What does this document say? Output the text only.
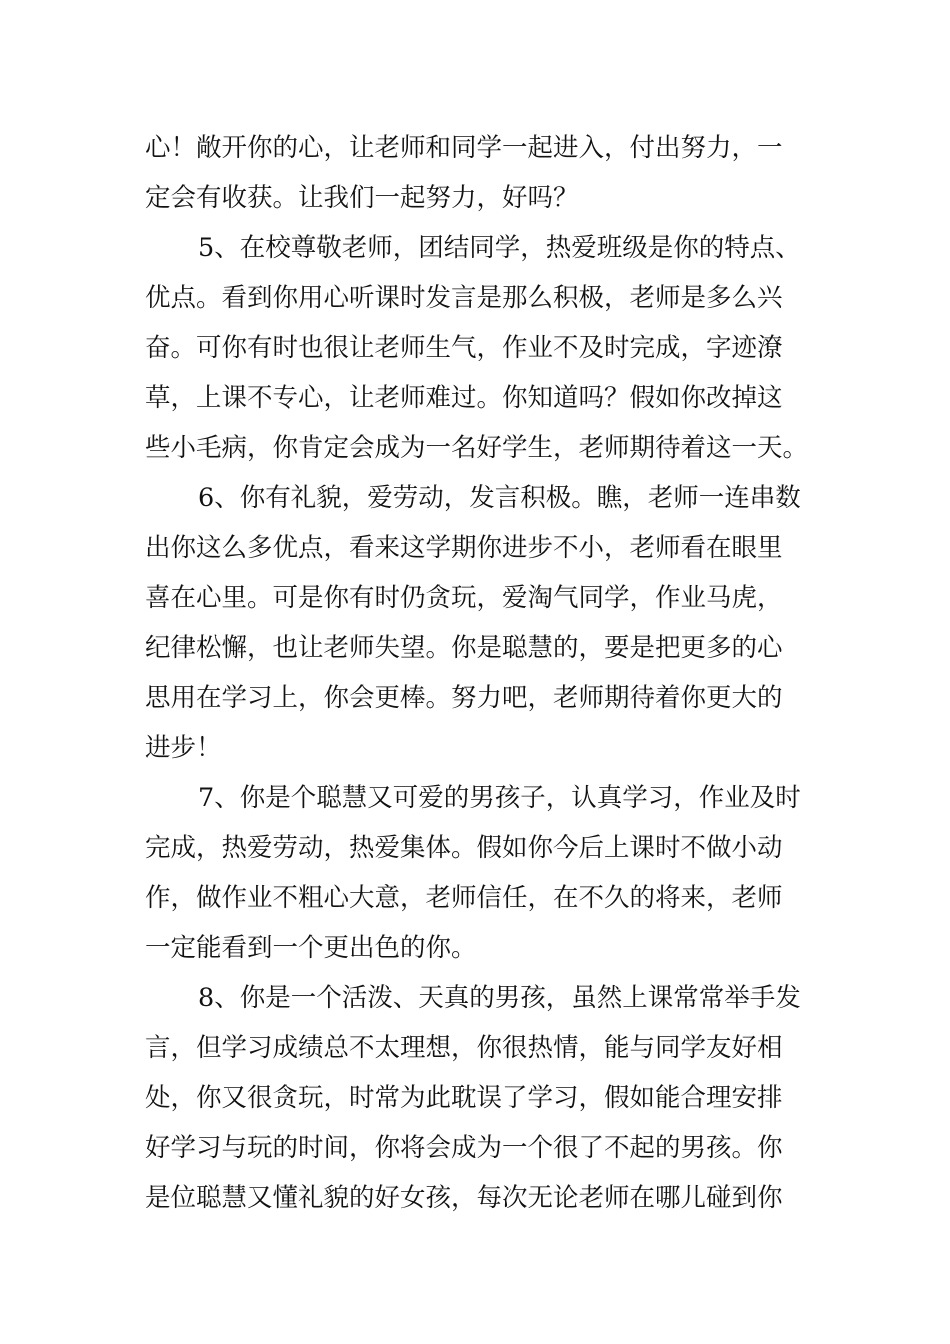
心！敞开你的心，让老师和同学一起进入，付出努力，一
定会有收获。让我们一起努力，好吗？
5、在校尊敬老师，团结同学，热爱班级是你的特点、
优点。看到你用心听课时发言是那么积极，老师是多么兴
奋。可你有时也很让老师生气，作业不及时完成，字迹潦
草，上课不专心，让老师难过。你知道吗？假如你改掉这
些小毛病，你肯定会成为一名好学生，老师期待着这一天。
6、你有礼貌，爱劳动，发言积极。瞧，老师一连串数
出你这么多优点，看来这学期你进步不小，老师看在眼里
喜在心里。可是你有时仍贪玩，爱淘气同学，作业马虎，
纪律松懈，也让老师失望。你是聪慧的，要是把更多的心
思用在学习上，你会更棒。努力吧，老师期待着你更大的
进步！
7、你是个聪慧又可爱的男孩子，认真学习，作业及时
完成，热爱劳动，热爱集体。假如你今后上课时不做小动
作，做作业不粗心大意，老师信任，在不久的将来，老师
一定能看到一个更出色的你。
8、你是一个活泼、天真的男孩，虽然上课常常举手发
言，但学习成绩总不太理想，你很热情，能与同学友好相
处，你又很贪玩，时常为此耽误了学习，假如能合理安排
好学习与玩的时间，你将会成为一个很了不起的男孩。你
是位聪慧又懂礼貌的好女孩，每次无论老师在哪儿碰到你
